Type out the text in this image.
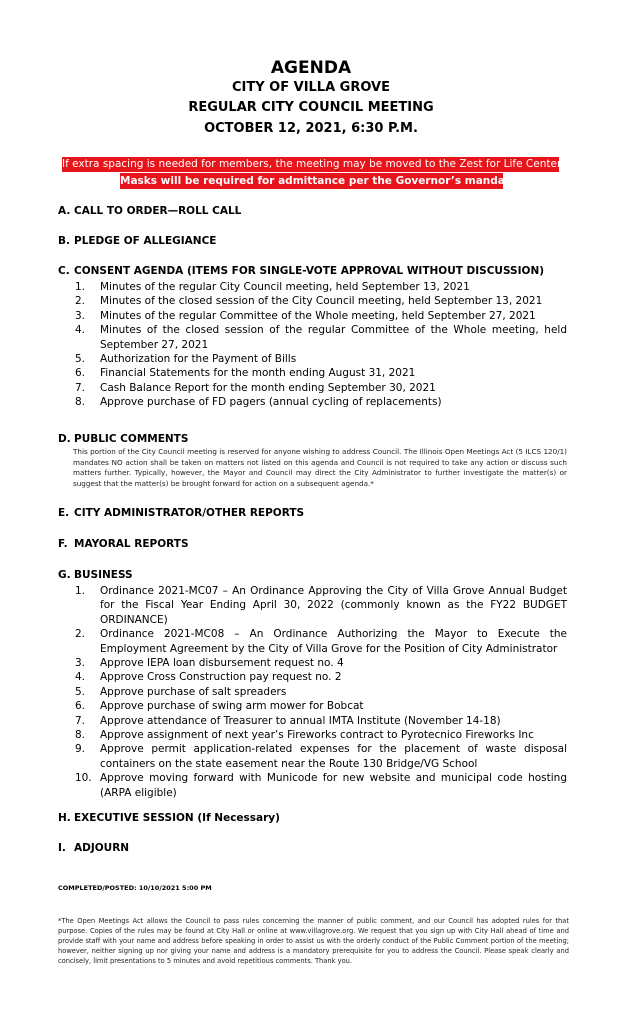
AGENDA
CITY OF VILLA GROVE
REGULAR CITY COUNCIL MEETING
OCTOBER 12, 2021, 6:30 P.M.
If extra spacing is needed for members, the meeting may be moved to the Zest for Life Center.
Masks will be required for admittance per the Governor’s mandate.
A. CALL TO ORDER—ROLL CALL
B. PLEDGE OF ALLEGIANCE
C. CONSENT AGENDA (ITEMS FOR SINGLE-VOTE APPROVAL WITHOUT DISCUSSION)
1.	Minutes of the regular City Council meeting, held September 13, 2021
2.	Minutes of the closed session of the City Council meeting, held September 13, 2021
3.	Minutes of the regular Committee of the Whole meeting, held September 27, 2021
4.	Minutes of the closed session of the regular Committee of the Whole meeting, held September 27, 2021
5.	Authorization for the Payment of Bills
6.	Financial Statements for the month ending August 31, 2021
7.	Cash Balance Report for the month ending September 30, 2021
8.	Approve purchase of FD pagers (annual cycling of replacements)
D. PUBLIC COMMENTS
This portion of the City Council meeting is reserved for anyone wishing to address Council. The Illinois Open Meetings Act (5 ILCS 120/1) mandates NO action shall be taken on matters not listed on this agenda and Council is not required to take any action or discuss such matters further. Typically, however, the Mayor and Council may direct the City Administrator to further investigate the matter(s) or suggest that the matter(s) be brought forward for action on a subsequent agenda.*
E. CITY ADMINISTRATOR/OTHER REPORTS
F. MAYORAL REPORTS
G. BUSINESS
1.	Ordinance 2021-MC07 – An Ordinance Approving the City of Villa Grove Annual Budget for the Fiscal Year Ending April 30, 2022 (commonly known as the FY22 BUDGET ORDINANCE)
2.	Ordinance 2021-MC08 – An Ordinance Authorizing the Mayor to Execute the Employment Agreement by the City of Villa Grove for the Position of City Administrator
3.	Approve IEPA loan disbursement request no. 4
4.	Approve Cross Construction pay request no. 2
5.	Approve purchase of salt spreaders
6.	Approve purchase of swing arm mower for Bobcat
7.	Approve attendance of Treasurer to annual IMTA Institute (November 14-18)
8.	Approve assignment of next year’s Fireworks contract to Pyrotecnico Fireworks Inc
9.	Approve permit application-related expenses for the placement of waste disposal containers on the state easement near the Route 130 Bridge/VG School
10. Approve moving forward with Municode for new website and municipal code hosting (ARPA eligible)
H. EXECUTIVE SESSION (If Necessary)
I. ADJOURN
COMPLETED/POSTED: 10/10/2021 5:00 PM
*The Open Meetings Act allows the Council to pass rules concerning the manner of public comment, and our Council has adopted rules for that purpose. Copies of the rules may be found at City Hall or online at www.villagrove.org. We request that you sign up with City Hall ahead of time and provide staff with your name and address before speaking in order to assist us with the orderly conduct of the Public Comment portion of the meeting; however, neither signing up nor giving your name and address is a mandatory prerequisite for you to address the Council. Please speak clearly and concisely, limit presentations to 5 minutes and avoid repetitious comments. Thank you.
